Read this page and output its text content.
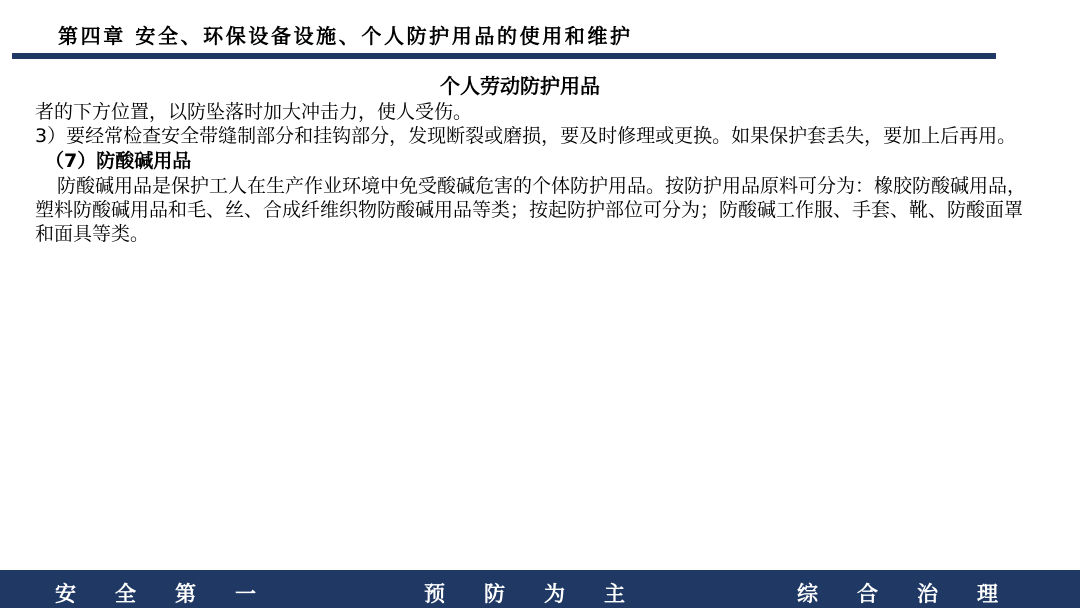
第四章 安全、环保设备设施、个人防护用品的使用和维护
个人劳动防护用品

者的下方位置，以防坠落时加大冲击力，使人受伤。

3）要经常检查安全带缝制部分和挂钩部分，发现断裂或磨损，要及时修理或更换。如果保护套丢失，要加上后再用。

（7）防酸碱用品

防酸碱用品是保护工人在生产作业环境中免受酸碱危害的个体防护用品。按防护用品原料可分为：橡胶防酸碱用品，塑料防酸碱用品和毛、丝、合成纤维织物防酸碱用品等类；按起防护部位可分为；防酸碱工作服、手套、靴、防酸面罩和面具等类。

安全第一	预防为主	综合治理
